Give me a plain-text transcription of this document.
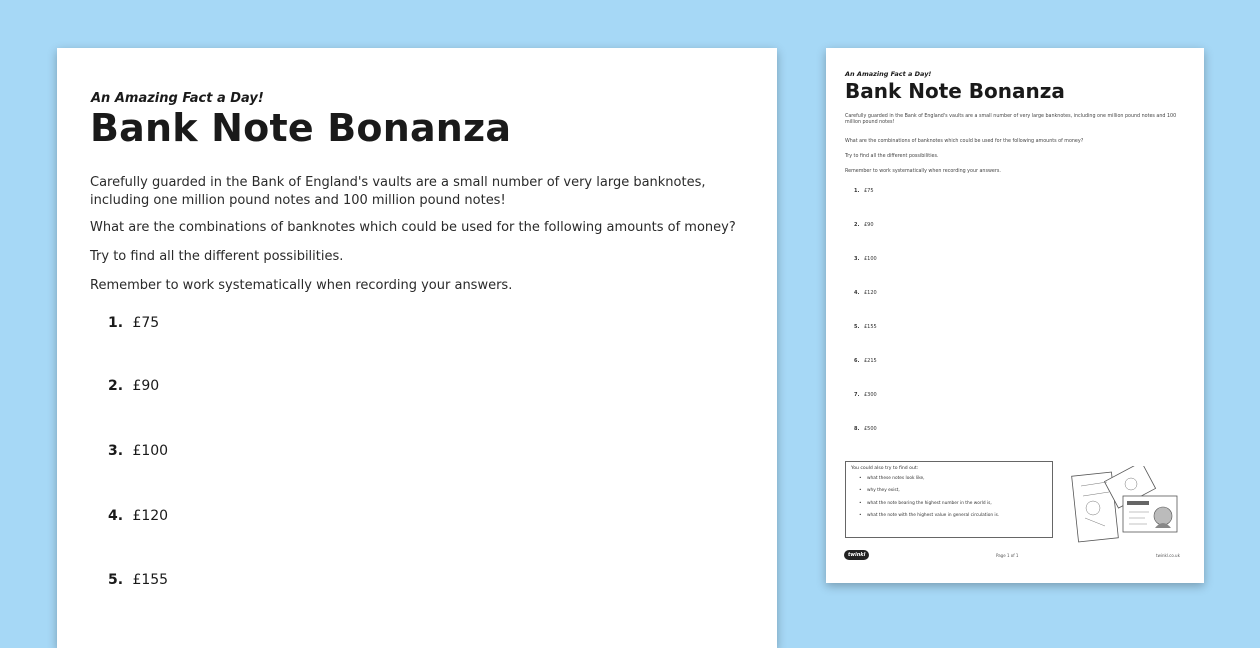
An Amazing Fact a Day!
Bank Note Bonanza
Carefully guarded in the Bank of England's vaults are a small number of very large banknotes, including one million pound notes and 100 million pound notes!
What are the combinations of banknotes which could be used for the following amounts of money?
Try to find all the different possibilities.
Remember to work systematically when recording your answers.
1. £75
2. £90
3. £100
4. £120
5. £155
An Amazing Fact a Day!
Bank Note Bonanza
Carefully guarded in the Bank of England's vaults are a small number of very large banknotes, including one million pound notes and 100 million pound notes!
What are the combinations of banknotes which could be used for the following amounts of money?
Try to find all the different possibilities.
Remember to work systematically when recording your answers.
1. £75
2. £90
3. £100
4. £120
5. £155
6. £215
7. £300
8. £500
You could also try to find out:
• what these notes look like,
• why they exist,
• what the note bearing the highest number in the world is,
• what the note with the highest value in general circulation is.
twinkl	Page 1 of 1	twinkl.co.uk
